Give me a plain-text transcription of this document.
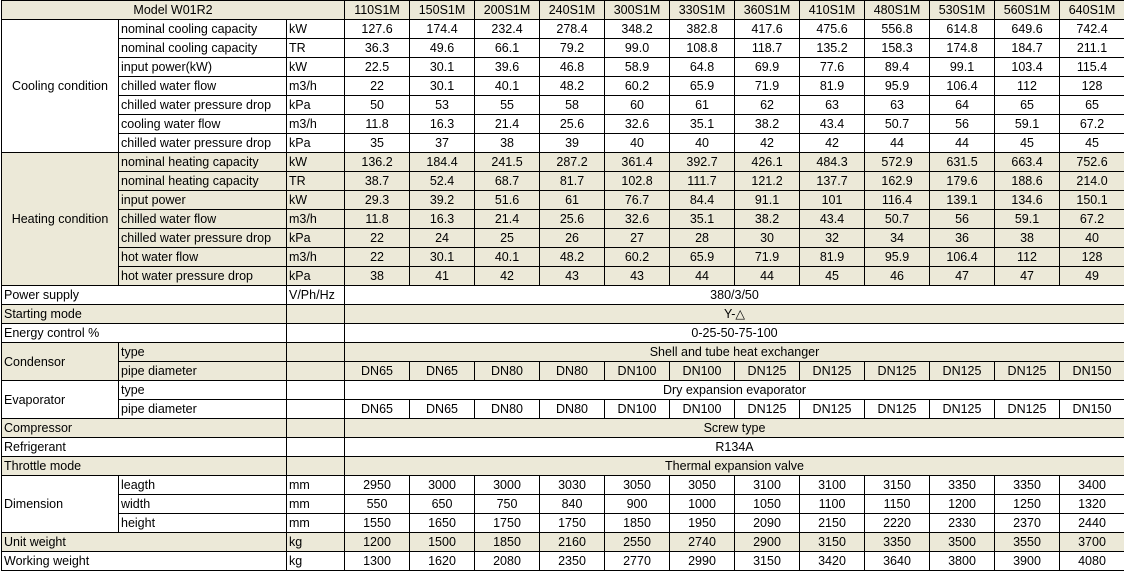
Model W01R2			110S1M	150S1M	200S1M	240S1M	300S1M	330S1M	360S1M	410S1M	480S1M	530S1M	560S1M	640S1M
Cooling condition	nominal cooling capacity	kW	127.6	174.4	232.4	278.4	348.2	382.8	417.6	475.6	556.8	614.8	649.6	742.4
	nominal cooling capacity	TR	36.3	49.6	66.1	79.2	99.0	108.8	118.7	135.2	158.3	174.8	184.7	211.1
	input power(kW)	kW	22.5	30.1	39.6	46.8	58.9	64.8	69.9	77.6	89.4	99.1	103.4	115.4
	chilled water flow	m3/h	22	30.1	40.1	48.2	60.2	65.9	71.9	81.9	95.9	106.4	112	128
	chilled water pressure drop	kPa	50	53	55	58	60	61	62	63	63	64	65	65
	cooling water flow	m3/h	11.8	16.3	21.4	25.6	32.6	35.1	38.2	43.4	50.7	56	59.1	67.2
	chilled water pressure drop	kPa	35	37	38	39	40	40	42	42	44	44	45	45
Heating condition	nominal heating capacity	kW	136.2	184.4	241.5	287.2	361.4	392.7	426.1	484.3	572.9	631.5	663.4	752.6
	nominal heating capacity	TR	38.7	52.4	68.7	81.7	102.8	111.7	121.2	137.7	162.9	179.6	188.6	214.0
	input power	kW	29.3	39.2	51.6	61	76.7	84.4	91.1	101	116.4	139.1	134.6	150.1
	chilled water flow	m3/h	11.8	16.3	21.4	25.6	32.6	35.1	38.2	43.4	50.7	56	59.1	67.2
	chilled water pressure drop	kPa	22	24	25	26	27	28	30	32	34	36	38	40
	hot water flow	m3/h	22	30.1	40.1	48.2	60.2	65.9	71.9	81.9	95.9	106.4	112	128
	hot water pressure drop	kPa	38	41	42	43	43	44	44	45	46	47	47	49
Power supply		V/Ph/Hz	380/3/50											
Starting mode			Y-△											
Energy control %			0-25-50-75-100											
Condensor	type		Shell and tube heat exchanger											
	pipe diameter		DN65	DN65	DN80	DN80	DN100	DN100	DN125	DN125	DN125	DN125	DN125	DN150
Evaporator	type		Dry expansion evaporator											
	pipe diameter		DN65	DN65	DN80	DN80	DN100	DN100	DN125	DN125	DN125	DN125	DN125	DN150
Compressor			Screw type											
Refrigerant			R134A											
Throttle mode			Thermal expansion valve											
Dimension	leagth	mm	2950	3000	3000	3030	3050	3050	3100	3100	3150	3350	3350	3400
	width	mm	550	650	750	840	900	1000	1050	1100	1150	1200	1250	1320
	height	mm	1550	1650	1750	1750	1850	1950	2090	2150	2220	2330	2370	2440
Unit weight		kg	1200	1500	1850	2160	2550	2740	2900	3150	3350	3500	3550	3700
Working weight		kg	1300	1620	2080	2350	2770	2990	3150	3420	3640	3800	3900	4080
